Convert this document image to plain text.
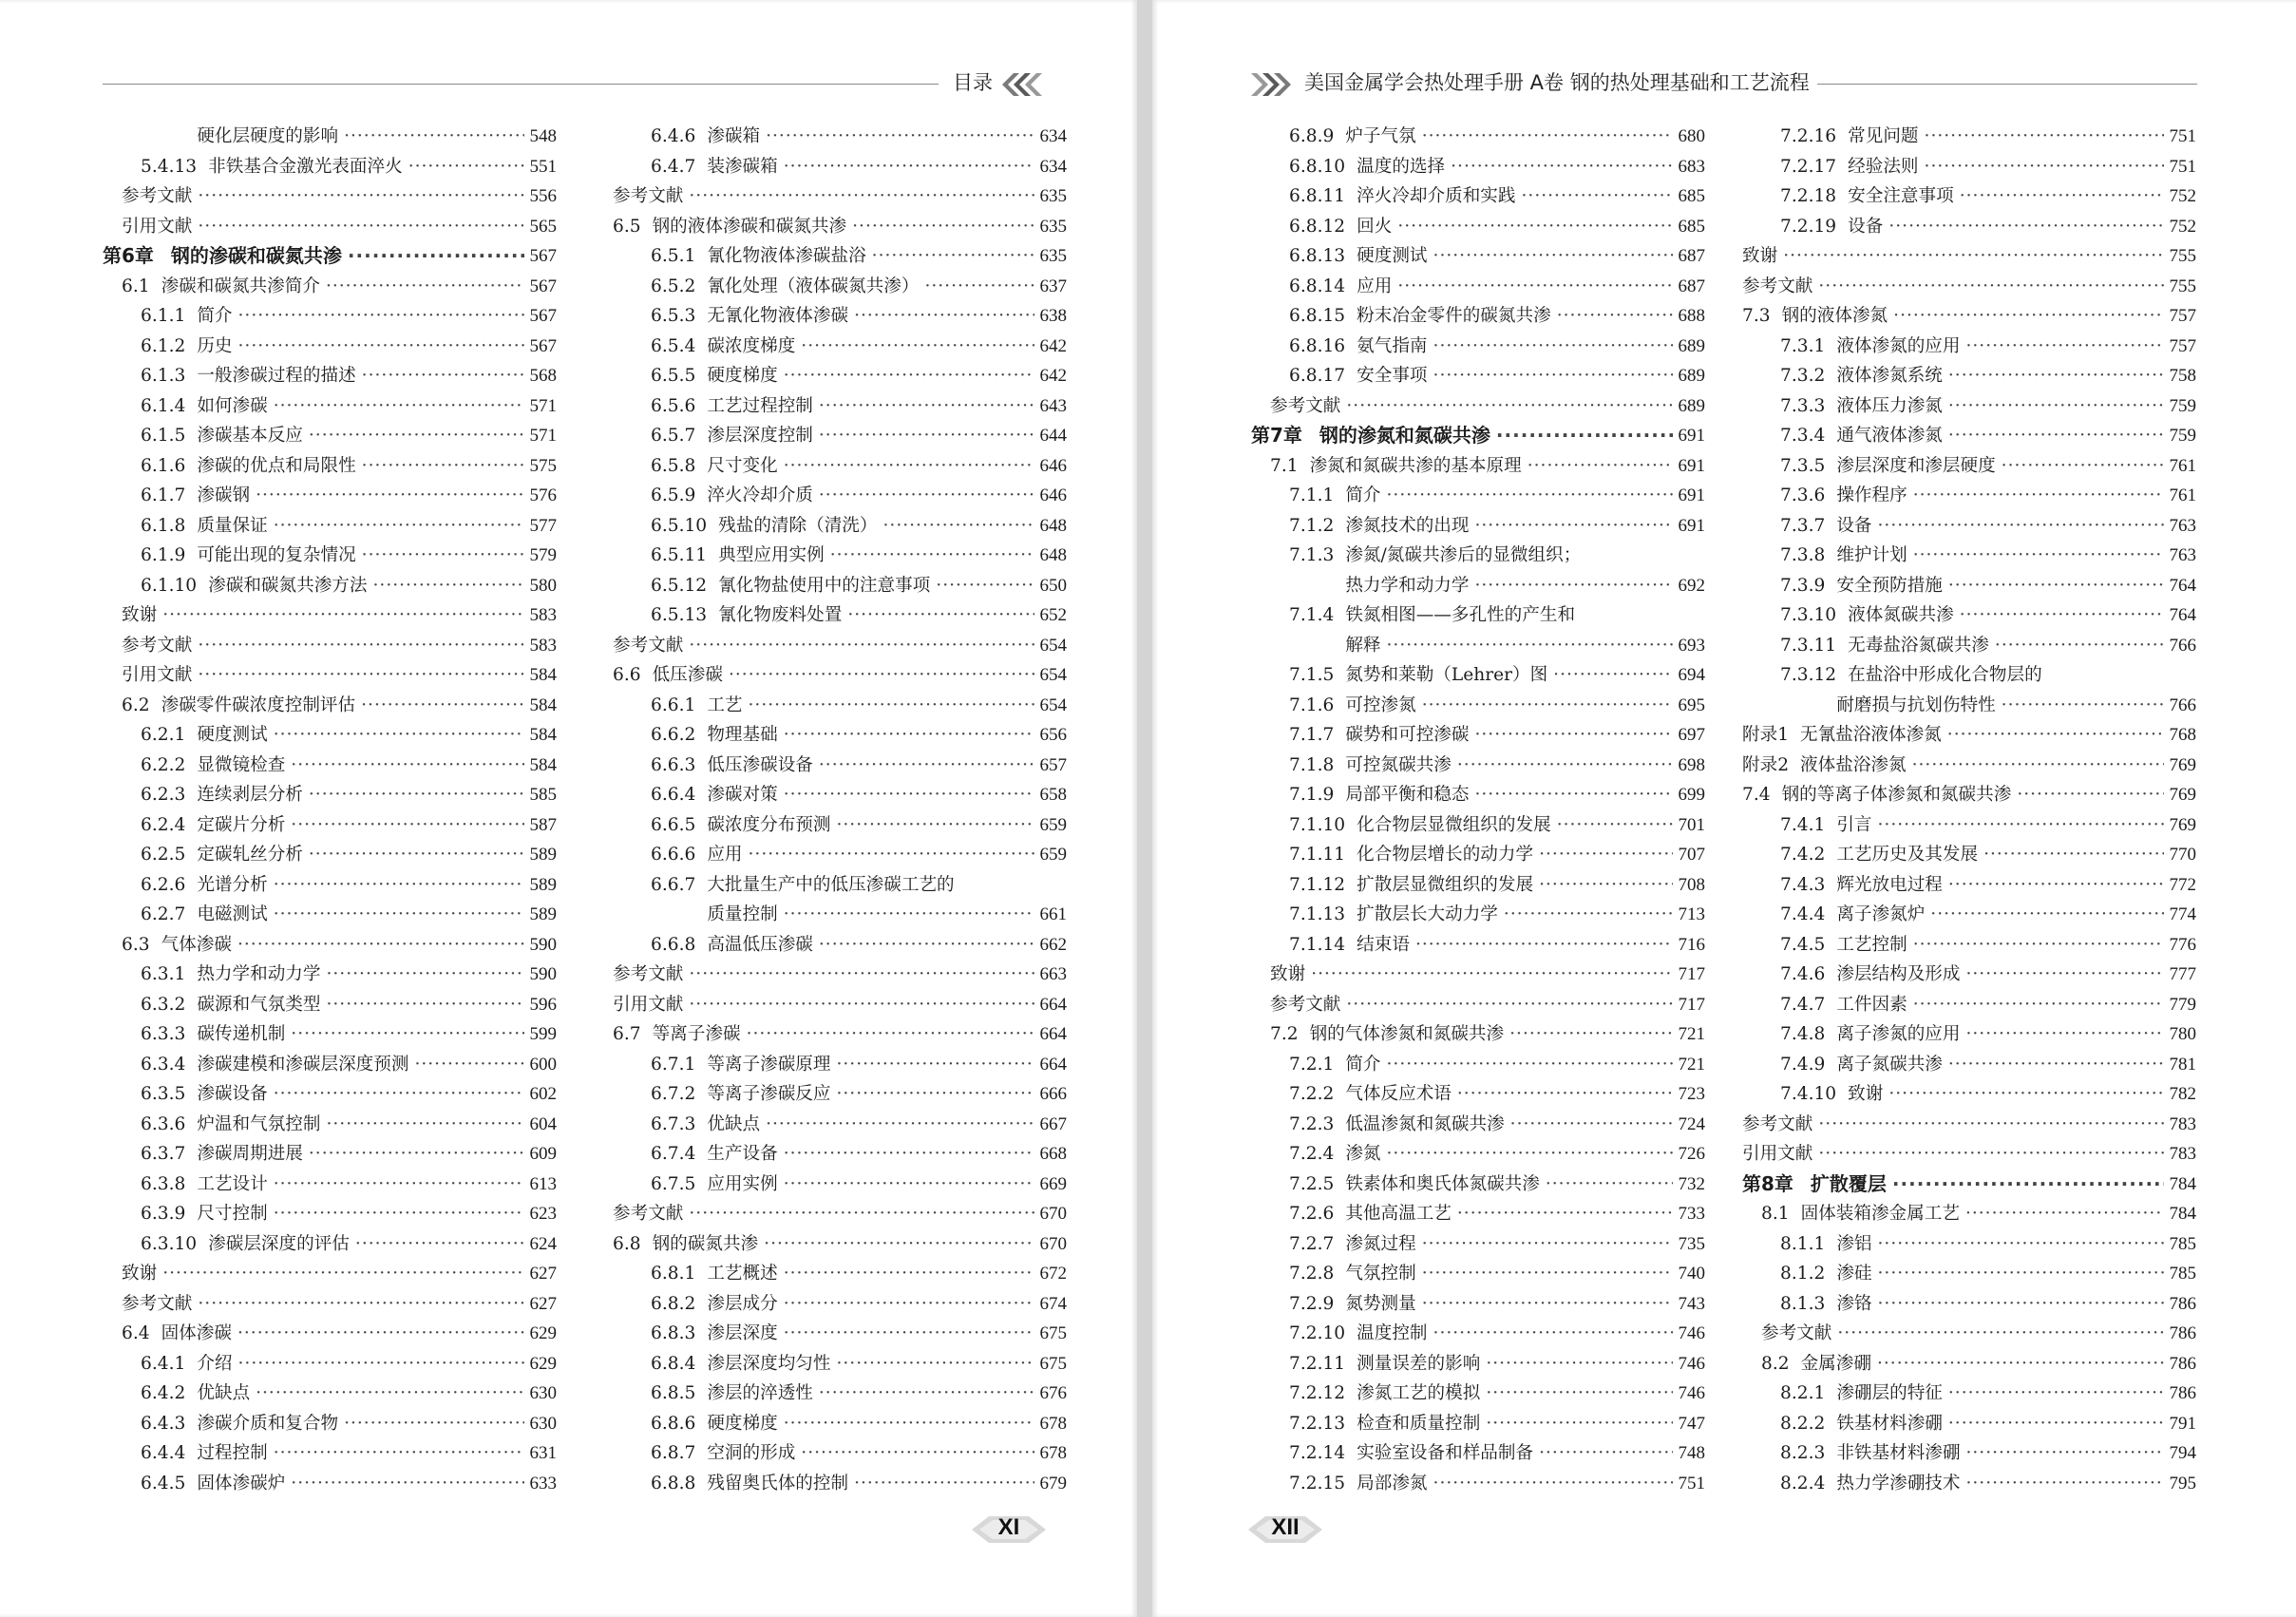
目录
硬化层硬度的影响 ·····	548
5.4.13 非铁基合金激光表面淬火 ·····	551
参考文献 ·····	556
引用文献 ·····	565
第6章 钢的渗碳和碳氮共渗 ·····	567
6.1 渗碳和碳氮共渗简介 ·····	567
6.1.1 简介 ·····	567
6.1.2 历史 ·····	567
6.1.3 一般渗碳过程的描述 ·····	568
6.1.4 如何渗碳 ·····	571
6.1.5 渗碳基本反应 ·····	571
6.1.6 渗碳的优点和局限性 ·····	575
6.1.7 渗碳钢 ·····	576
6.1.8 质量保证 ·····	577
6.1.9 可能出现的复杂情况 ·····	579
6.1.10 渗碳和碳氮共渗方法 ·····	580
致谢 ·····	583
参考文献 ·····	583
引用文献 ·····	584
6.2 渗碳零件碳浓度控制评估 ·····	584
6.2.1 硬度测试 ·····	584
6.2.2 显微镜检查 ·····	584
6.2.3 连续剥层分析 ·····	585
6.2.4 定碳片分析 ·····	587
6.2.5 定碳轧丝分析 ·····	589
6.2.6 光谱分析 ·····	589
6.2.7 电磁测试 ·····	589
6.3 气体渗碳 ·····	590
6.3.1 热力学和动力学 ·····	590
6.3.2 碳源和气氛类型 ·····	596
6.3.3 碳传递机制 ·····	599
6.3.4 渗碳建模和渗碳层深度预测 ·····	600
6.3.5 渗碳设备 ·····	602
6.3.6 炉温和气氛控制 ·····	604
6.3.7 渗碳周期进展 ·····	609
6.3.8 工艺设计 ·····	613
6.3.9 尺寸控制 ·····	623
6.3.10 渗碳层深度的评估 ·····	624
致谢 ·····	627
参考文献 ·····	627
6.4 固体渗碳 ·····	629
6.4.1 介绍 ·····	629
6.4.2 优缺点 ·····	630
6.4.3 渗碳介质和复合物 ·····	630
6.4.4 过程控制 ·····	631
6.4.5 固体渗碳炉 ·····	633
6.4.6 渗碳箱 ·····	634
6.4.7 装渗碳箱 ·····	634
参考文献 ·····	635
6.5 钢的液体渗碳和碳氮共渗 ·····	635
6.5.1 氰化物液体渗碳盐浴 ·····	635
6.5.2 氰化处理（液体碳氮共渗） ·····	637
6.5.3 无氰化物液体渗碳 ·····	638
6.5.4 碳浓度梯度 ·····	642
6.5.5 硬度梯度 ·····	642
6.5.6 工艺过程控制 ·····	643
6.5.7 渗层深度控制 ·····	644
6.5.8 尺寸变化 ·····	646
6.5.9 淬火冷却介质 ·····	646
6.5.10 残盐的清除（清洗） ·····	648
6.5.11 典型应用实例 ·····	648
6.5.12 氰化物盐使用中的注意事项 ·····	650
6.5.13 氰化物废料处置 ·····	652
参考文献 ·····	654
6.6 低压渗碳 ·····	654
6.6.1 工艺 ·····	654
6.6.2 物理基础 ·····	656
6.6.3 低压渗碳设备 ·····	657
6.6.4 渗碳对策 ·····	658
6.6.5 碳浓度分布预测 ·····	659
6.6.6 应用 ·····	659
6.6.7 大批量生产中的低压渗碳工艺的
质量控制 ·····	661
6.6.8 高温低压渗碳 ·····	662
参考文献 ·····	663
引用文献 ·····	664
6.7 等离子渗碳 ·····	664
6.7.1 等离子渗碳原理 ·····	664
6.7.2 等离子渗碳反应 ·····	666
6.7.3 优缺点 ·····	667
6.7.4 生产设备 ·····	668
6.7.5 应用实例 ·····	669
参考文献 ·····	670
6.8 钢的碳氮共渗 ·····	670
6.8.1 工艺概述 ·····	672
6.8.2 渗层成分 ·····	674
6.8.3 渗层深度 ·····	675
6.8.4 渗层深度均匀性 ·····	675
6.8.5 渗层的淬透性 ·····	676
6.8.6 硬度梯度 ·····	678
6.8.7 空洞的形成 ·····	678
6.8.8 残留奥氏体的控制 ·····	679
XI
美国金属学会热处理手册 A卷 钢的热处理基础和工艺流程
6.8.9 炉子气氛 ·····	680
6.8.10 温度的选择 ·····	683
6.8.11 淬火冷却介质和实践 ·····	685
6.8.12 回火 ·····	685
6.8.13 硬度测试 ·····	687
6.8.14 应用 ·····	687
6.8.15 粉末冶金零件的碳氮共渗 ·····	688
6.8.16 氨气指南 ·····	689
6.8.17 安全事项 ·····	689
参考文献 ·····	689
第7章 钢的渗氮和氮碳共渗 ·····	691
7.1 渗氮和氮碳共渗的基本原理 ·····	691
7.1.1 简介 ·····	691
7.1.2 渗氮技术的出现 ·····	691
7.1.3 渗氮/氮碳共渗后的显微组织；
热力学和动力学 ·····	692
7.1.4 铁氮相图——多孔性的产生和
解释 ·····	693
7.1.5 氮势和莱勒（Lehrer）图 ·····	694
7.1.6 可控渗氮 ·····	695
7.1.7 碳势和可控渗碳 ·····	697
7.1.8 可控氮碳共渗 ·····	698
7.1.9 局部平衡和稳态 ·····	699
7.1.10 化合物层显微组织的发展 ·····	701
7.1.11 化合物层增长的动力学 ·····	707
7.1.12 扩散层显微组织的发展 ·····	708
7.1.13 扩散层长大动力学 ·····	713
7.1.14 结束语 ·····	716
致谢 ·····	717
参考文献 ·····	717
7.2 钢的气体渗氮和氮碳共渗 ·····	721
7.2.1 简介 ·····	721
7.2.2 气体反应术语 ·····	723
7.2.3 低温渗氮和氮碳共渗 ·····	724
7.2.4 渗氮 ·····	726
7.2.5 铁素体和奥氏体氮碳共渗 ·····	732
7.2.6 其他高温工艺 ·····	733
7.2.7 渗氮过程 ·····	735
7.2.8 气氛控制 ·····	740
7.2.9 氮势测量 ·····	743
7.2.10 温度控制 ·····	746
7.2.11 测量误差的影响 ·····	746
7.2.12 渗氮工艺的模拟 ·····	746
7.2.13 检查和质量控制 ·····	747
7.2.14 实验室设备和样品制备 ·····	748
7.2.15 局部渗氮 ·····	751
7.2.16 常见问题 ·····	751
7.2.17 经验法则 ·····	751
7.2.18 安全注意事项 ·····	752
7.2.19 设备 ·····	752
致谢 ·····	755
参考文献 ·····	755
7.3 钢的液体渗氮 ·····	757
7.3.1 液体渗氮的应用 ·····	757
7.3.2 液体渗氮系统 ·····	758
7.3.3 液体压力渗氮 ·····	759
7.3.4 通气液体渗氮 ·····	759
7.3.5 渗层深度和渗层硬度 ·····	761
7.3.6 操作程序 ·····	761
7.3.7 设备 ·····	763
7.3.8 维护计划 ·····	763
7.3.9 安全预防措施 ·····	764
7.3.10 液体氮碳共渗 ·····	764
7.3.11 无毒盐浴氮碳共渗 ·····	766
7.3.12 在盐浴中形成化合物层的
耐磨损与抗划伤特性 ·····	766
附录1 无氰盐浴液体渗氮 ·····	768
附录2 液体盐浴渗氮 ·····	769
7.4 钢的等离子体渗氮和氮碳共渗 ·····	769
7.4.1 引言 ·····	769
7.4.2 工艺历史及其发展 ·····	770
7.4.3 辉光放电过程 ·····	772
7.4.4 离子渗氮炉 ·····	774
7.4.5 工艺控制 ·····	776
7.4.6 渗层结构及形成 ·····	777
7.4.7 工件因素 ·····	779
7.4.8 离子渗氮的应用 ·····	780
7.4.9 离子氮碳共渗 ·····	781
7.4.10 致谢 ·····	782
参考文献 ·····	783
引用文献 ·····	783
第8章 扩散覆层 ·····	784
8.1 固体装箱渗金属工艺 ·····	784
8.1.1 渗铝 ·····	785
8.1.2 渗硅 ·····	785
8.1.3 渗铬 ·····	786
参考文献 ·····	786
8.2 金属渗硼 ·····	786
8.2.1 渗硼层的特征 ·····	786
8.2.2 铁基材料渗硼 ·····	791
8.2.3 非铁基材料渗硼 ·····	794
8.2.4 热力学渗硼技术 ·····	795
XII
